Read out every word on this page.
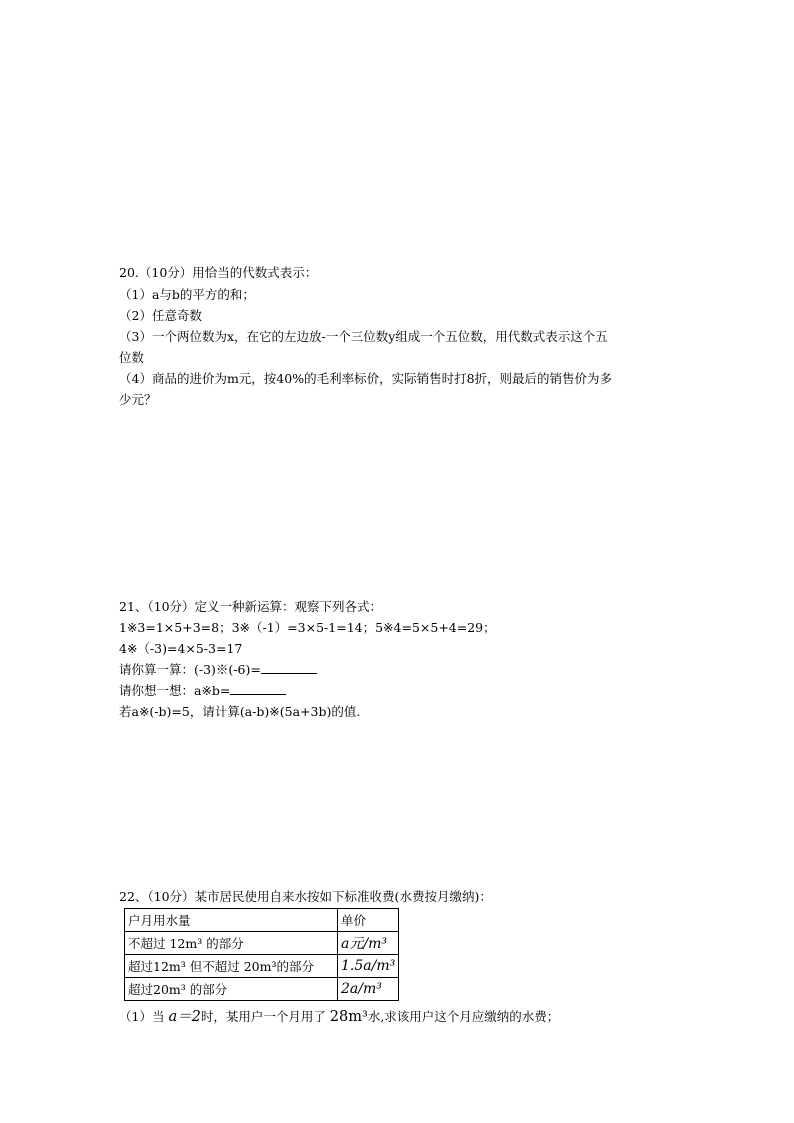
20.（10分）用恰当的代数式表示：
（1）a与b的平方的和；
（2）任意奇数
（3）一个两位数为x，在它的左边放-一个三位数y组成一个五位数，用代数式表示这个五
位数
（4）商品的进价为m元，按40%的毛利率标价，实际销售时打8折，则最后的销售价为多
少元？
21、（10分）定义一种新运算：观察下列各式：
1※3=1×5+3=8；3※（-1）=3×5-1=14；5※4=5×5+4=29；
4※（-3)=4×5-3=17
请你算一算：(-3)※(-6)=
请你想一想：a※b=
若a※(-b)=5，请计算(a-b)※(5a+3b)的值.
22、（10分）某市居民使用自来水按如下标准收费(水费按月缴纳)：
户月用水量	单价
不超过 12m³ 的部分	a元/m³
超过12m³ 但不超过 20m³的部分	1.5a/m³
超过20m³ 的部分	2a/m³
（1）当 a＝2时，某用户一个月用了 28m³水,求该用户这个月应缴纳的水费；
